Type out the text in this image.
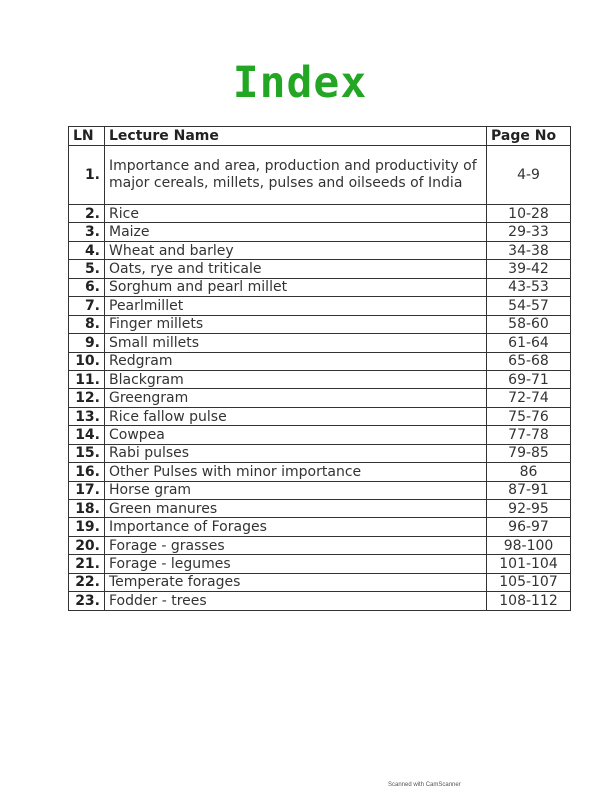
Index
LN	Lecture Name	Page No
1.	Importance and area, production and productivity of major cereals, millets, pulses and oilseeds of India	4-9
2.	Rice	10-28
3.	Maize	29-33
4.	Wheat and barley	34-38
5.	Oats, rye and triticale	39-42
6.	Sorghum and pearl millet	43-53
7.	Pearlmillet	54-57
8.	Finger millets	58-60
9.	Small millets	61-64
10.	Redgram	65-68
11.	Blackgram	69-71
12.	Greengram	72-74
13.	Rice fallow pulse	75-76
14.	Cowpea	77-78
15.	Rabi pulses	79-85
16.	Other Pulses with minor importance	86
17.	Horse gram	87-91
18.	Green manures	92-95
19.	Importance of Forages	96-97
20.	Forage - grasses	98-100
21.	Forage - legumes	101-104
22.	Temperate forages	105-107
23.	Fodder - trees	108-112
Scanned with CamScanner
